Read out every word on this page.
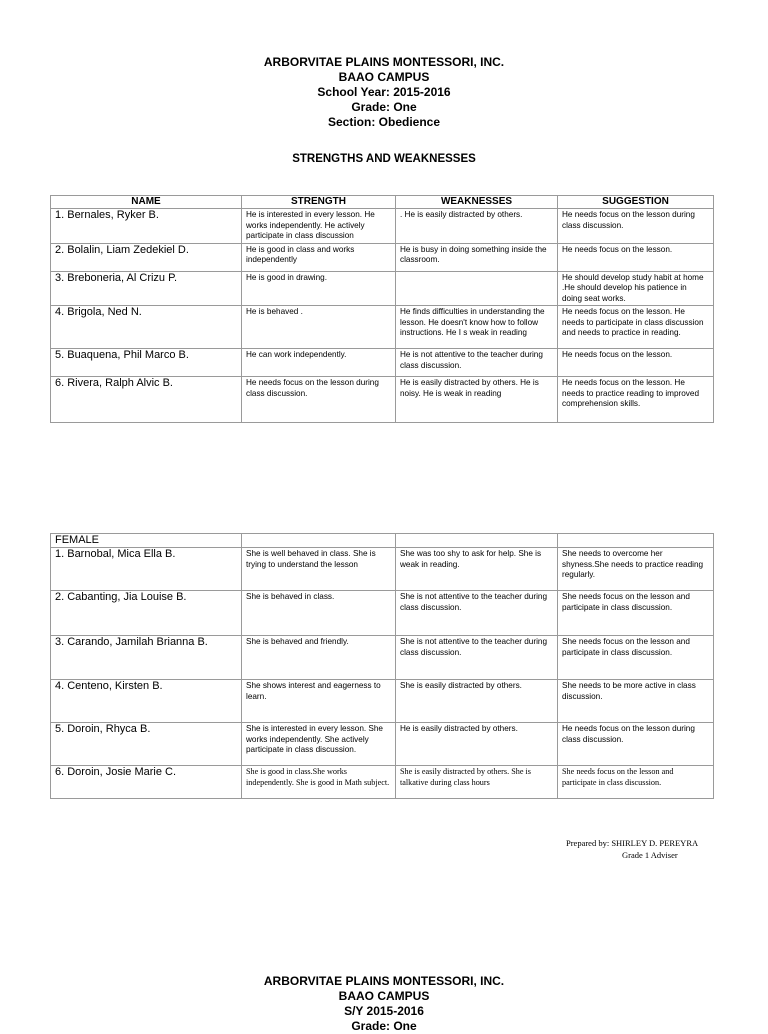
ARBORVITAE PLAINS MONTESSORI, INC.
BAAO CAMPUS
School Year: 2015-2016
Grade: One
Section: Obedience
STRENGTHS AND WEAKNESSES
NAME	STRENGTH	WEAKNESSES	SUGGESTION
1. Bernales, Ryker B.	He is interested in every lesson. He works independently. He actively participate in class discussion	. He is easily distracted by others.	He needs focus on the lesson during class discussion.
2. Bolalin, Liam Zedekiel D.	He is good in class and works independently	He is busy in doing something inside the classroom.	He needs focus on the lesson.
3. Breboneria, Al Crizu P.	He is good in drawing.		He should develop study habit at home .He should develop his patience in doing seat works.
4. Brigola, Ned N.	He is behaved .	He finds difficulties in understanding the lesson. He doesn't know how to follow instructions. He I s weak in reading	He needs focus on the lesson. He needs to participate in class discussion and needs to practice in reading.
5. Buaquena, Phil Marco B.	He can work independently.	He is not attentive to the teacher during class discussion.	He needs focus on the lesson.
6. Rivera, Ralph Alvic B.	He needs focus on the lesson during class discussion.	He is easily distracted by others. He is noisy. He is weak in reading	He needs focus on the lesson. He needs to practice reading to improved comprehension skills.
FEMALE			
1. Barnobal, Mica Ella B.	She is well behaved in class. She is trying to understand the lesson	She was too shy to ask for help. She is weak in reading.	She needs to overcome her shyness.She needs to practice reading regularly.
2. Cabanting, Jia Louise B.	She is behaved in class.	She is not attentive to the teacher during class discussion.	She needs focus on the lesson and participate in class discussion.
3. Carando, Jamilah Brianna B.	She is behaved and friendly.	She is not attentive to the teacher during class discussion.	She needs focus on the lesson and participate in class discussion.
4. Centeno, Kirsten B.	She shows interest and eagerness to learn.	She is easily distracted by others.	She needs to be more active in class discussion.
5. Doroin, Rhyca B.	She is interested in every lesson. She works independently. She actively participate in class discussion.	He is easily distracted by others.	He needs focus on the lesson during class discussion.
6. Doroin, Josie Marie C.	She is good in class.She works independently. She is good in Math subject.	She is easily distracted by others. She is talkative during class hours	She needs focus on the lesson and participate in class discussion.
Prepared by: SHIRLEY D. PEREYRA
Grade 1 Adviser
ARBORVITAE PLAINS MONTESSORI, INC.
BAAO CAMPUS
S/Y 2015-2016
Grade: One
